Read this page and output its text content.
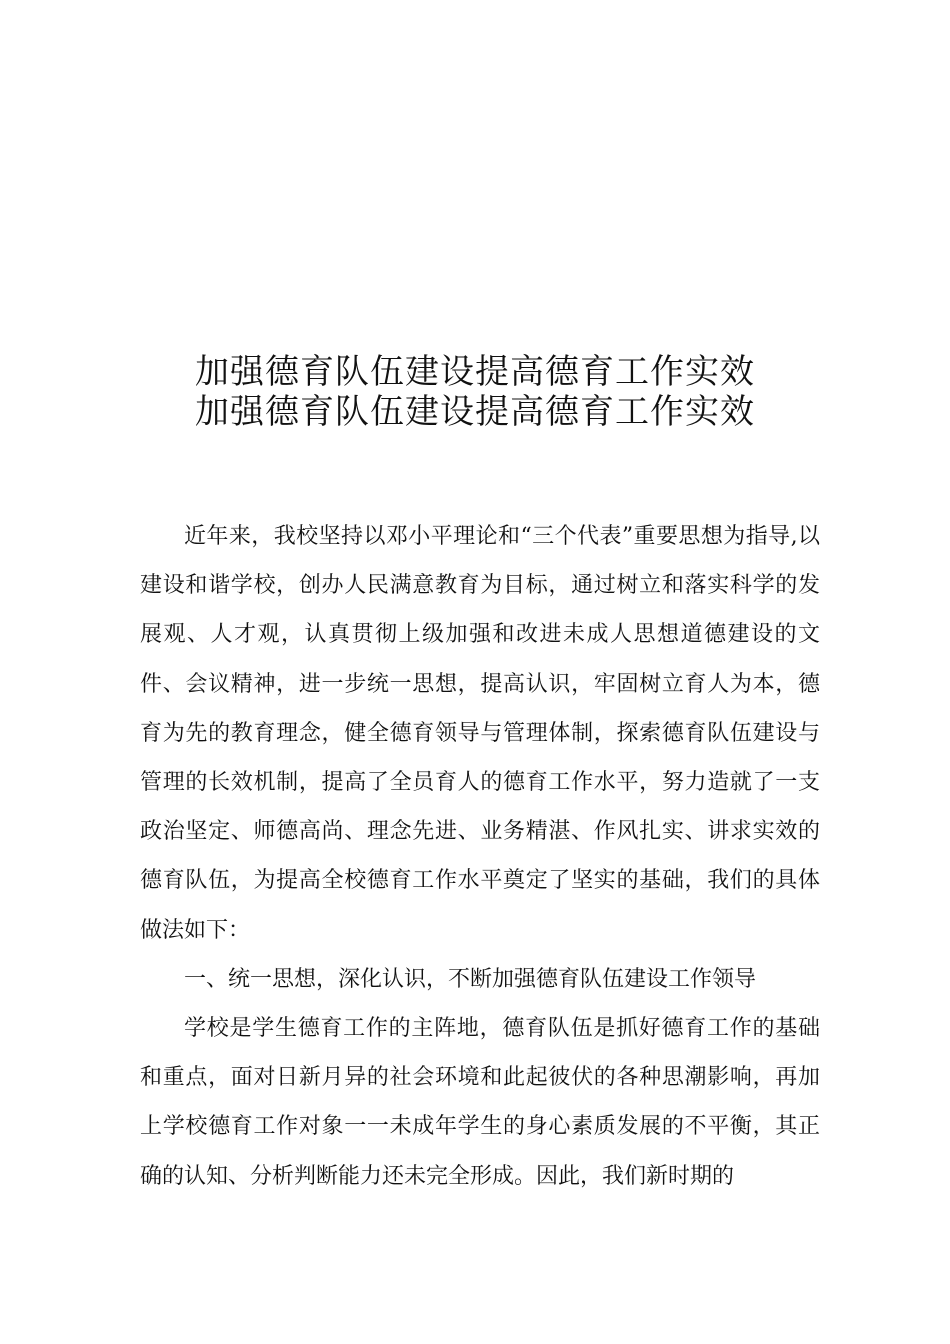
加强德育队伍建设提高德育工作实效
加强德育队伍建设提高德育工作实效

近年来，我校坚持以邓小平理论和“三个代表”重要思想为指导,以建设和谐学校，创办人民满意教育为目标，通过树立和落实科学的发展观、人才观，认真贯彻上级加强和改进未成人思想道德建设的文件、会议精神，进一步统一思想，提高认识，牢固树立育人为本，德育为先的教育理念，健全德育领导与管理体制，探索德育队伍建设与管理的长效机制，提高了全员育人的德育工作水平，努力造就了一支政治坚定、师德高尚、理念先进、业务精湛、作风扎实、讲求实效的德育队伍，为提高全校德育工作水平奠定了坚实的基础，我们的具体做法如下：

一、统一思想，深化认识，不断加强德育队伍建设工作领导

学校是学生德育工作的主阵地，德育队伍是抓好德育工作的基础和重点，面对日新月异的社会环境和此起彼伏的各种思潮影响，再加上学校德育工作对象一一未成年学生的身心素质发展的不平衡，其正确的认知、分析判断能力还未完全形成。因此，我们新时期的
